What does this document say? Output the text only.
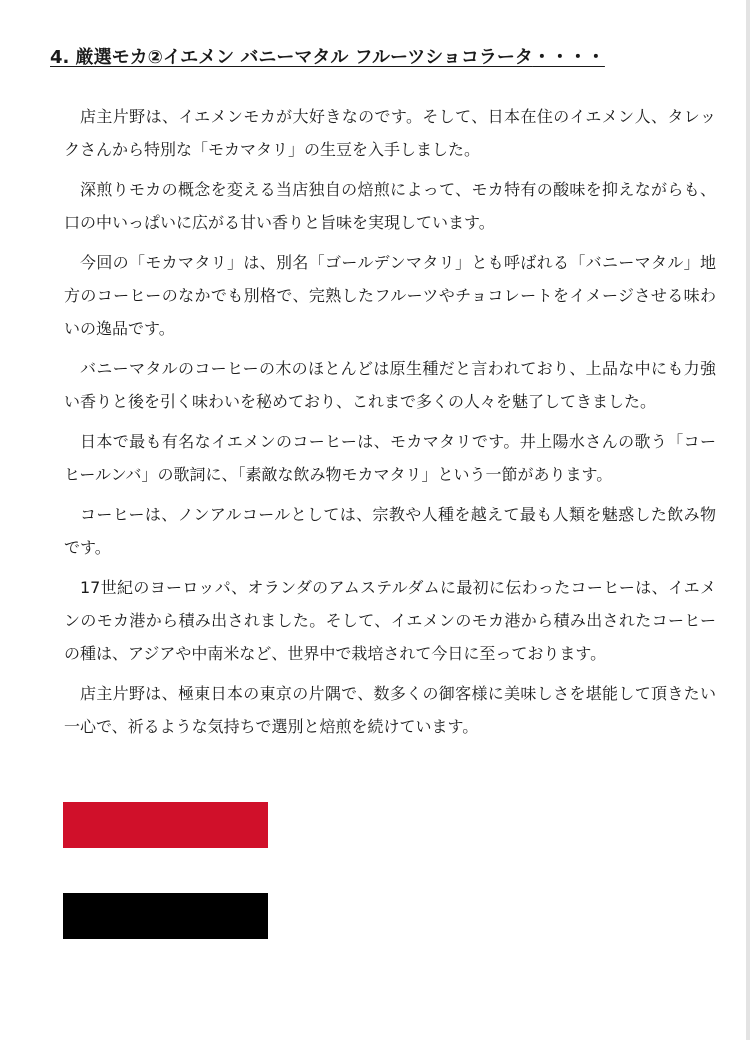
4. 厳選モカ②イエメン バニーマタル フルーツショコラータ・・・・

店主片野は、イエメンモカが大好きなのです。そして、日本在住のイエメン人、タレックさんから特別な「モカマタリ」の生豆を入手しました。

深煎りモカの概念を変える当店独自の焙煎によって、モカ特有の酸味を抑えながらも、口の中いっぱいに広がる甘い香りと旨味を実現しています。

今回の「モカマタリ」は、別名「ゴールデンマタリ」とも呼ばれる「バニーマタル」地方のコーヒーのなかでも別格で、完熟したフルーツやチョコレートをイメージさせる味わいの逸品です。

バニーマタルのコーヒーの木のほとんどは原生種だと言われており、上品な中にも力強い香りと後を引く味わいを秘めており、これまで多くの人々を魅了してきました。

日本で最も有名なイエメンのコーヒーは、モカマタリです。井上陽水さんの歌う「コーヒールンバ」の歌詞に、「素敵な飲み物モカマタリ」という一節があります。

コーヒーは、ノンアルコールとしては、宗教や人種を越えて最も人類を魅惑した飲み物です。

17世紀のヨーロッパ、オランダのアムステルダムに最初に伝わったコーヒーは、イエメンのモカ港から積み出されました。そして、イエメンのモカ港から積み出されたコーヒーの種は、アジアや中南米など、世界中で栽培されて今日に至っております。

店主片野は、極東日本の東京の片隅で、数多くの御客様に美味しさを堪能して頂きたい一心で、祈るような気持ちで選別と焙煎を続けています。
